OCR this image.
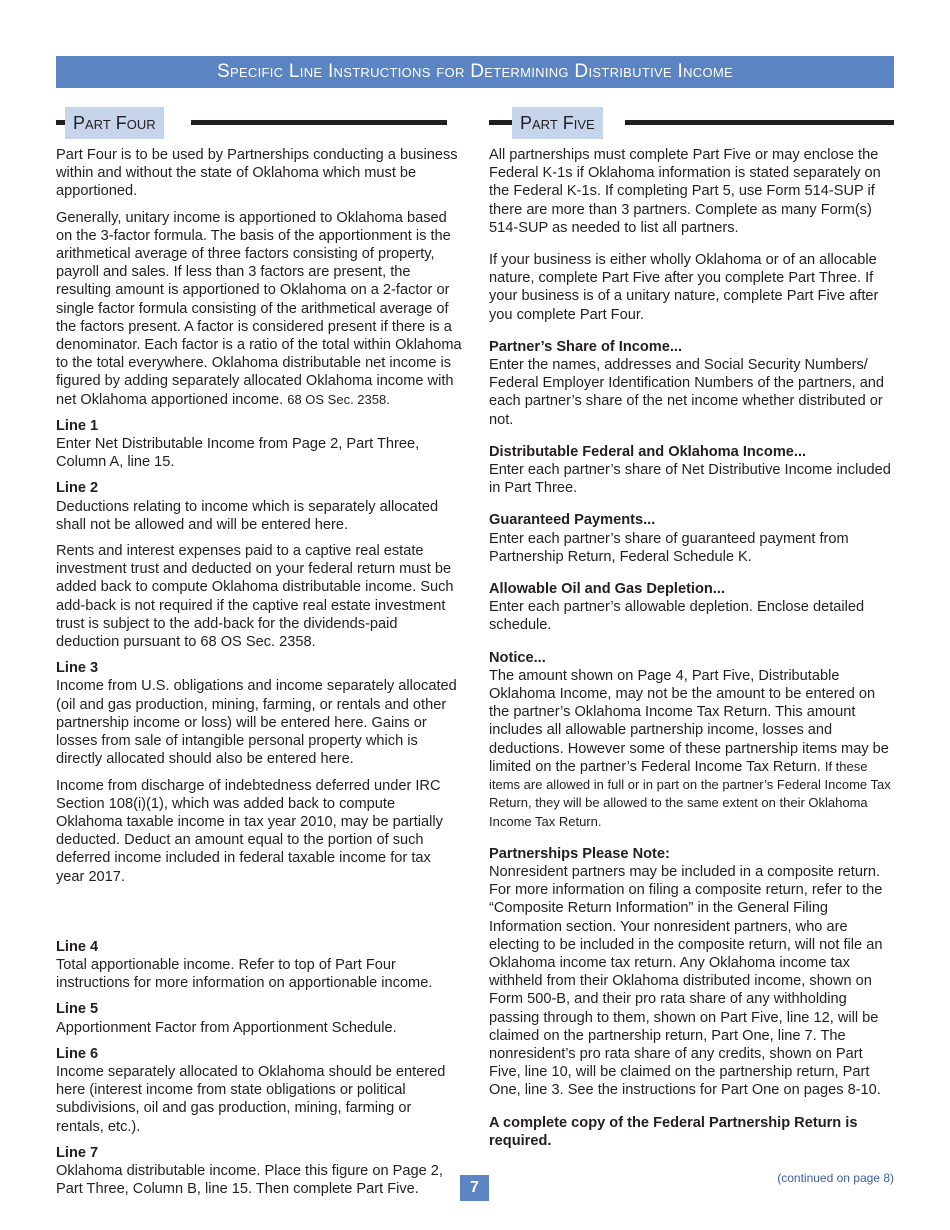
Specific Line Instructions for Determining Distributive Income
Part Four

Part Four is to be used by Partnerships conducting a business within and without the state of Oklahoma which must be apportioned.

Generally, unitary income is apportioned to Oklahoma based on the 3-factor formula. The basis of the apportionment is the arithmetical average of three factors consisting of property, payroll and sales. If less than 3 factors are present, the resulting amount is apportioned to Oklahoma on a 2-factor or single factor formula consisting of the arithmetical average of the factors present. A factor is considered present if there is a denominator. Each factor is a ratio of the total within Oklahoma to the total everywhere. Oklahoma distributable net income is figured by adding separately allocated Oklahoma income with net Oklahoma apportioned income. 68 OS Sec. 2358.

Line 1
Enter Net Distributable Income from Page 2, Part Three, Column A, line 15.

Line 2
Deductions relating to income which is separately allocated shall not be allowed and will be entered here.

Rents and interest expenses paid to a captive real estate investment trust and deducted on your federal return must be added back to compute Oklahoma distributable income. Such add-back is not required if the captive real estate investment trust is subject to the add-back for the dividends-paid deduction pursuant to 68 OS Sec. 2358.

Line 3
Income from U.S. obligations and income separately allocated (oil and gas production, mining, farming, or rentals and other partnership income or loss) will be entered here. Gains or losses from sale of intangible personal property which is directly allocated should also be entered here.

Income from discharge of indebtedness deferred under IRC Section 108(i)(1), which was added back to compute Oklahoma taxable income in tax year 2010, may be partially deducted. Deduct an amount equal to the portion of such deferred income included in federal taxable income for tax year 2017.

Line 4
Total apportionable income. Refer to top of Part Four instructions for more information on apportionable income.

Line 5
Apportionment Factor from Apportionment Schedule.

Line 6
Income separately allocated to Oklahoma should be entered here (interest income from state obligations or political subdivisions, oil and gas production, mining, farming or rentals, etc.).

Line 7
Oklahoma distributable income. Place this figure on Page 2, Part Three, Column B, line 15. Then complete Part Five.

Part Five

All partnerships must complete Part Five or may enclose the Federal K-1s if Oklahoma information is stated separately on the Federal K-1s. If completing Part 5, use Form 514-SUP if there are more than 3 partners. Complete as many Form(s) 514-SUP as needed to list all partners.

If your business is either wholly Oklahoma or of an allocable nature, complete Part Five after you complete Part Three. If your business is of a unitary nature, complete Part Five after you complete Part Four.

Partner’s Share of Income...
Enter the names, addresses and Social Security Numbers/ Federal Employer Identification Numbers of the partners, and each partner’s share of the net income whether distributed or not.

Distributable Federal and Oklahoma Income...
Enter each partner’s share of Net Distributive Income included in Part Three.

Guaranteed Payments...
Enter each partner’s share of guaranteed payment from Partnership Return, Federal Schedule K.

Allowable Oil and Gas Depletion...
Enter each partner’s allowable depletion. Enclose detailed schedule.

Notice...
The amount shown on Page 4, Part Five, Distributable Oklahoma Income, may not be the amount to be entered on the partner’s Oklahoma Income Tax Return. This amount includes all allowable partnership income, losses and deductions. However some of these partnership items may be limited on the partner’s Federal Income Tax Return. If these items are allowed in full or in part on the partner’s Federal Income Tax Return, they will be allowed to the same extent on their Oklahoma Income Tax Return.

Partnerships Please Note:
Nonresident partners may be included in a composite return. For more information on filing a composite return, refer to the “Composite Return Information” in the General Filing Information section. Your nonresident partners, who are electing to be included in the composite return, will not file an Oklahoma income tax return. Any Oklahoma income tax withheld from their Oklahoma distributed income, shown on Form 500-B, and their pro rata share of any withholding passing through to them, shown on Part Five, line 12, will be claimed on the partnership return, Part One, line 7. The nonresident’s pro rata share of any credits, shown on Part Five, line 10, will be claimed on the partnership return, Part One, line 3. See the instructions for Part One on pages 8-10.

A complete copy of the Federal Partnership Return is required.

7
(continued on page 8)
